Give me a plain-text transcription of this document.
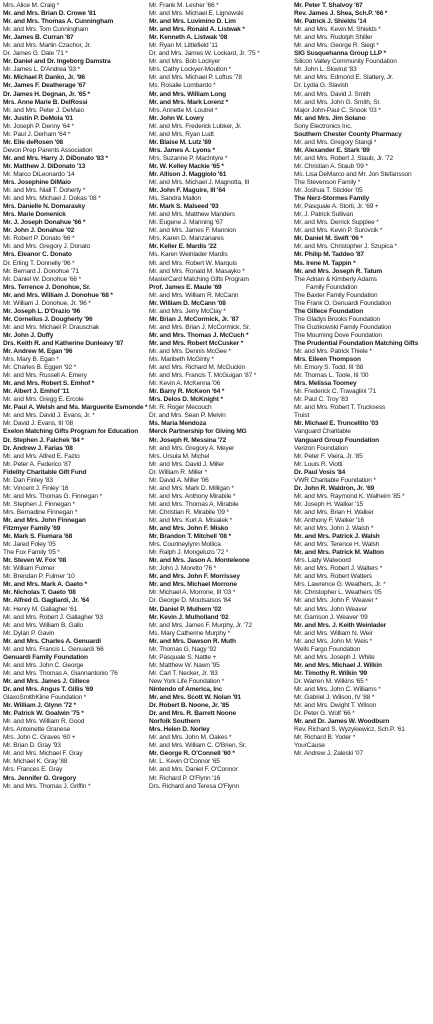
Mrs. Alice M. Craig *
Mr. and Mrs. Brian D. Crowe '81
Mr. and Mrs. Thomas A. Cunningham
Mr. and Mrs. Tom Cunningham
Mr. James B. Curran '87
Mr. and Mrs. Martin Czachor, Jr.
Dr. James G. Dale '71 *
Mr. Daniel and Dr. Ingeborg Damstra
Mr. James L. D'Andrea '93 *
Mr. Michael P. Danko, Jr. '96
Mr. James F. Deatherage '67
Dr. James H. Degnan, Jr. '65 *
Mrs. Anne Marie B. DelRossi
Mr. and Mrs. Peter J. DeMaio
Mr. Justin P. DeMola '01
Mr. Joseph P. Denny '64 *
Mr. Paul J. Derham '64 *
Mr. Elie deRosen '08
Devon Prep Parents Association
Mr. and Mrs. Harry J. DiDonato '83 *
Mr. Matthew J. DiDonato '13
Mr. Marco DiLeonardo '14
Mrs. Josephine DiMaio
Mr. and Mrs. Niall T. Doherty *
Mr. and Mrs. Michael J. Dokas '08 *
Mrs. Danielle N. Domarasky
Mrs. Marie Domenick
Mr. J. Joseph Donahue '66 *
Mr. John J. Donahue '02
Mr. Robert P. Donato '66 *
Mr. and Mrs. Gregory J. Donato
Mrs. Eleanor C. Donato
Dr. Erling T. Donnelly '96 *
Mr. Bernard J. Donohue '71
Mr. Daniel W. Donohue '66 *
Mrs. Terrence J. Donohue, Sr.
Mr. and Mrs. William J. Donohue '68 *
Mr. William J. Donohue, Jr. '96 *
Mr. Joseph L. D'Orazio '96
Mr. Cornelius J. Dougherty '96
Mr. and Mrs. Michael P. Drauschak
Mr. John J. Duffy
Drs. Keith R. and Katherine Dunleavy '87
Mr. Andrew M. Egan '96
Mrs. Mary B. Egan *
Mr. Charles B. Eggen '92 *
Mr. and Mrs. Russell A. Emery
Mr. and Mrs. Robert S. Emhof *
Mr. Albert J. Emhof '11
Mr. and Mrs. Gregg E. Ercole
Mr. Paul A. Welsh and Ms. Marguerite Esmonde *
Mr. and Mrs. David J. Evans, Jr. *
Mr. David J. Evans, III '08
Exelon Matching Gifts Program for Education
Dr. Stephen J. Falchek '84 *
Dr. Andrew J. Farias '08
Mr. and Mrs. Alfred E. Fazio
Mr. Peter A. Federico '87
Fidelity Charitable Gift Fund
Mr. Dan Finley '83
Mr. Vincent J. Finley '16
Mr. and Mrs. Thomas G. Finnegan *
Mr. Stephen J. Finnegan *
Mrs. Bernadine Finnegan *
Mr. and Mrs. John Finnegan
Fitzmyer Family '69
Mr. Mark S. Fiumara '68
Mr. Jared Foley '05
The Fox Family '05 *
Mr. Steven W. Fox '08
Mr. William Fulmer
Mr. Brendan P. Fulmer '10
Mr. and Mrs. Mark A. Gaeto *
Mr. Nicholas T. Gaeto '08
Mr. Alfred G. Gagliardi, Jr. '64
Mr. Henry M. Gallagher '61
Mr. and Mrs. Robert J. Gallagher '93
Mr. and Mrs. William B. Gallo
Mr. Dylan P. Gavin
Mr. and Mrs. Charles A. Genuardi
Mr. and Mrs. Francis L. Genuardi '66
Genuardi Family Foundation
Mr. and Mrs. John C. George
Mr. and Mrs. Thomas A. Giannantonio '76
Mr. and Mrs. James J. Gillece
Dr. and Mrs. Angus T. Gillis '69
GlaxoSmithKline Foundation *
Mr. William J. Glynn '72 *
Mr. Patrick W. Goalwin '75 *
Mr. and Mrs. William R. Good
Mrs. Antoinette Granese
Mrs. John C. Graves '60 +
Mr. Brian D. Gray '93
Mr. and Mrs. Michael F. Gray
Mr. Michael K. Gray '88
Mrs. Frances E. Gray
Mrs. Jennifer G. Gregory
Mr. and Mrs. Thomas J. Griffin *
Mr. Frank M. Lesher '66 *
Mr. and Mrs. Michael E. Lignowski
Mr. and Mrs. Luvimino D. Lim
Mr. and Mrs. Ronald A. Listwak *
Mr. Kenneth A. Listwak '08
Mr. Ryan M. Littlefield '11
Dr. and Mrs. James W. Lockard, Jr. '75 *
Mr. and Mrs. Bob Lockyer
Mrs. Cathy Lockyer-Moulton *
Mr. and Mrs. Michael P. Loftus '78
Ms. Rosalie Lombardo *
Mr. and Mrs. William Long
Mr. and Mrs. Mark Lorenz *
Mrs. Annette M. Loutrel *
Mr. John W. Lowry
Mr. and Mrs. Frederick Lubker, Jr.
Mr. and Mrs. Ryan Ludt
Mr. Blaise M. Lutz '89
Mrs. James A. Lyons *
Mrs. Suzanne P. MacIntyre *
Mr. W. Kelley Mackie '65 *
Mr. Allison J. Maggiolo '61
Mr. and Mrs. Michael J. Magnotta, III
Mr. John F. Maguire, III '64
Ms. Sandra Mallon
Mr. Mark S. Malseed '93
Mr. and Mrs. Matthew Manders
Mr. Eugene J. Manning '67
Mr. and Mrs. James F. Mannion
Mrs. Karen D. Manzanares
Mr. Keller E. Mardis '22
Ms. Karen Weinlader Mardis
Mr. and Mrs. Robert W. Marquis
Mr. and Mrs. Ronald M. Masayko *
MasterCard Matching Gifts Program
Prof. James E. Maule '69
Mr. and Mrs. William R. McCann
Mr. William D. McCann '08
Mr. and Mrs. Jerry McClay *
Mr. Brian J. McCormick, Jr. '87
Mr. and Mrs. Brian J. McCormick, Sr.
Mr. and Mrs. Thomas J. McCuch *
Mr. and Mrs. Robert McCusker *
Mr. and Mrs. Dennis McGee *
Ms. Maribeth McGinty *
Mr. and Mrs. Richard M. McGuckin
Mr. and Mrs. Francis T. McGuigan '87 *
Mr. Kevin A. McKenna '06
Mr. Barry R. McKeon '64 *
Mrs. Delos D. McKnight *
Mr. R. Roger Mecouch
Dr. and Mrs. Sean P. Melvin
Ms. Maria Mendoza
Merck Partnership for Giving MG
Mr. Joseph R. Messina '72
Mr. and Mrs. Gregory A. Meyer
Mrs. Ursula M. Michel
Mr. and Mrs. David J. Miller
Dr. William R. Miller *
Mr. David A. Miller '06
Mr. and Mrs. Mark D. Milligan *
Mr. and Mrs. Anthony Mirabile *
Mr. and Mrs. Thomas A. Mirabile
Mr. Christian R. Mirabile '09 *
Mr. and Mrs. Kurt A. Misialek *
Mr. and Mrs. John F. Misko
Mr. Brandon T. Mitchell '08 *
Mrs. Courtneylynn Mollica
Mr. Ralph J. Mongeluzo '72 *
Mr. and Mrs. Jason A. Monteleone
Mr. John J. Moretto '76 *
Mr. and Mrs. John F. Morrissey
Mr. and Mrs. Michael Morrone
Mr. Michael A. Morrone, III '03 *
Dr. George D. Moutsatsos '84
Mr. Daniel P. Mulhern '02
Mr. Kevin J. Mulholland '02
Mr. and Mrs. James F. Murphy, Jr. '72
Ms. Mary Catherine Murphy *
Mr. and Mrs. Dawson R. Muth
Mr. Thomas G. Nagy '92
Mr. Pasquale S. Nattle +
Mr. Matthew W. Nawn '95
Mr. Carl T. Necker, Jr. '83
New York Life Foundation *
Nintendo of America, Inc
Mr. and Mrs. Scott W. Nolan '91
Dr. Robert B. Noone, Jr. '85
Dr. and Mrs. R. Barrett Noone
Norfolk Southern
Mrs. Helen D. Norley
Mr. and Mrs. John M. Oakes *
Mr. and Mrs. William C. O'Brien, Sr.
Mr. George R. O'Connell '60 *
Mr. L. Kevin O'Connor '65
Mr. and Mrs. Daniel F. O'Connor
Mr. Richard P. O'Flynn '16
Drs. Richard and Teresa O'Flynn
Mr. Peter T. Shalvoy '67
Rev. James J. Shea, Sch.P. '66 *
Mr. Patrick J. Shields '14
Mr. and Mrs. Kevin M. Shields *
Mr. and Mrs. Rudolph Shiller
Mr. and Mrs. George R. Siegl *
SIG Susquehanna Group LLP *
Silicon Valley Community Foundation
Mr. John L. Skwirut '83
Mr. and Mrs. Edmond E. Slattery, Jr.
Dr. Lydia G. Slavish
Mr. and Mrs. David J. Smith
Mr. and Mrs. John G. Smith, Sr.
Major John-Paul C. Snook '03 *
Mr. and Mrs. Jim Solano
Sony Electronics Inc.
Southern Chester County Pharmacy
Mr. and Mrs. Gregory Stangl *
Mr. Alexander E. Stark '89
Mr. and Mrs. Robert J. Staub, Jr. '72
Mr. Christian A. Staub '09 *
Ms. Lisa DeMarco and Mr. Jon Stefansson
The Stevenson Family *
Mr. Joshua T. Stickler '05
The Nerz-Stormes Family
Mr. Pasquale A. Storti, Jr. '69 +
Mr. J. Patrick Sullivan
Mr. and Mrs. Derrick Supplee *
Mr. and Mrs. Kevin P. Surovcik *
Mr. Daniel M. Swift '06 *
Mr. and Mrs. Christopher J. Szupica *
Mr. Philip M. Taddeo '87
Ms. Irene M. Tappin *
Mr. and Mrs. Joseph R. Tatum
The Adrian & Kimberly Adams
Family Foundation
The Baxter Family Foundation
The Frank O. Genuardi Foundation
The Gillece Foundation
The Gladys Brooks Foundation
The Guzikowski Family Foundation
The Mourning Dove Foundation
The Prudential Foundation Matching Gifts
Mr. and Mrs. Patrick Thiele *
Mrs. Eileen Thompson
Mr. Emory S. Todd, III '88
Mr. Thomas L. Toole, III '00
Mrs. Melissa Toomey
Mr. Frederick C. Travaglini '71
Mr. Paul C. Troy '83
Mr. and Mrs. Robert T. Trucksess
Truist
Mr. Michael E. Truncellito '03
Vanguard Charitable
Vanguard Group Foundation
Verizon Foundation
Mr. Peter F. Vieira, Jr. '85
Mr. Louis R. Viotti
Dr. Paul Vosis '84
VWR Charitable Foundation *
Dr. John R. Waldron, Jr. '69
Mr. and Mrs. Raymond K. Walheim '85 *
Mr. Joseph H. Walker '15
Mr. and Mrs. Brian H. Walker
Mr. Anthony F. Walker '16
Mr. and Mrs. John J. Walsh *
Mr. and Mrs. Patrick J. Walsh
Mr. and Mrs. Terence H. Walsh
Mr. and Mrs. Patrick M. Walton
Mrs. Lady Walwoord
Mr. and Mrs. Robert J. Walters *
Mr. and Mrs. Robert Watters
Mrs. Lawrence G. Weathers, Jr. *
Mr. Christopher L. Weathers '05
Mr. and Mrs. John F. Weaver *
Mr. and Mrs. John Weaver
Mr. Garrison J. Weaver '09
Mr. and Mrs. J. Keith Weinlader
Mr. and Mrs. William N. Weir
Mr. and Mrs. John M. Weis *
Wells Fargo Foundation
Mr. and Mrs. Joseph J. White
Mr. and Mrs. Michael J. Wilkin
Mr. Timothy R. Wilkin '99
Dr. Warren M. Wilkins '65 *
Mr. and Mrs. John C. Williams *
Mr. Gabriel J. Wilson, IV '88 *
Mr. and Mrs. Dwight T. Wilson
Dr. Peter G. Wolf '66 *
Mr. and Dr. James W. Woodburn
Rev. Richard S. Wyzykiewicz, Sch.P. '61
Mr. Richard B. Yoder *
YourCause
Mr. Andrew J. Zaleski '07
